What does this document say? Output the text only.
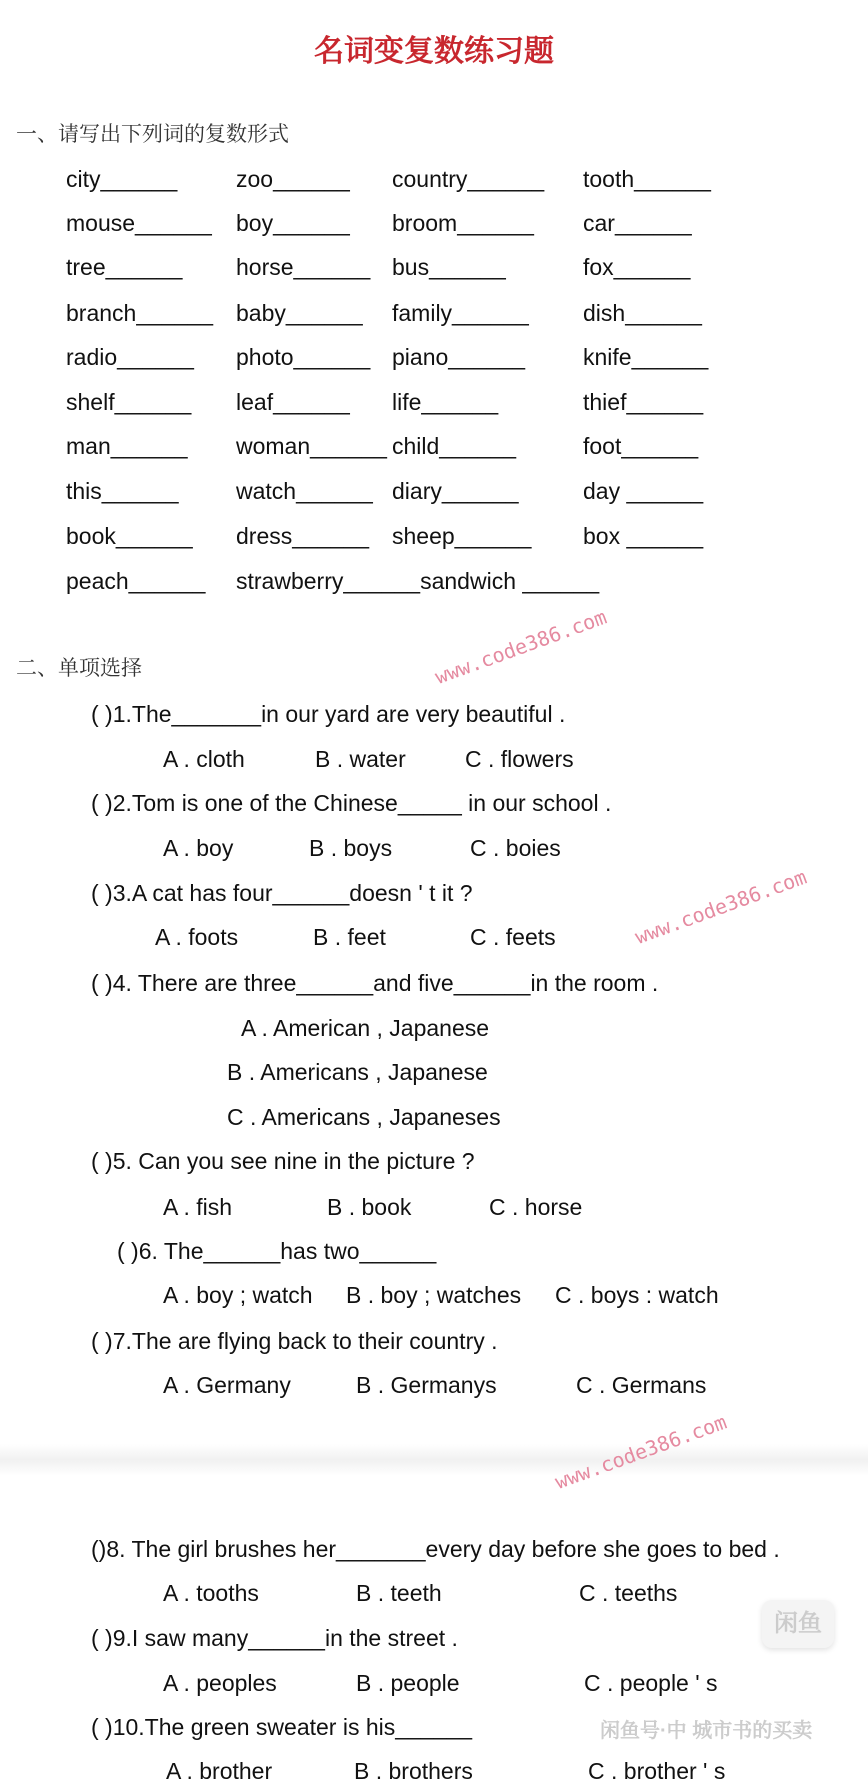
名词变复数练习题
一、请写出下列词的复数形式
city______	zoo______ country______ tooth______
mouse______ boy______ broom______ car______
tree______ horse______ bus______	fox______
branch______ baby______ family______ dish______
radio______ photo______ piano______	knife______
shelf______ leaf______ life______	thief______
man______ woman______ child______	foot______
this______ watch______ diary______	day ______
book______ dress______ sheep______ box ______
peach______ strawberry______sandwich ______
二、单项选择
( )1.The_______in our yard are very beautiful .
A . cloth	B . water	C . flowers
( )2.Tom is one of the Chinese_____ in our school .
A . boy	B . boys	C . boies
( )3.A cat has four______doesn ' t it ?
A . foots	B . feet	C . feets
( )4. There are three______and five______in the room .
A . American , Japanese
B . Americans , Japanese
C . Americans , Japaneses
( )5. Can you see nine in the picture ?
A . fish	B . book	C . horse
( )6. The______has two______
A . boy ; watch B . boy ; watches C . boys : watch
( )7.The are flying back to their country .
A . Germany	B . Germanys	C . Germans
()8. The girl brushes her_______every day before she goes to bed .
A . tooths	B . teeth	C . teeths
( )9.I saw many______in the street .
A . peoples	B . people	C . people ' s
( )10.The green sweater is his______
A . brother	B . brothers	C . brother ' s
www.code386.com
www.code386.com
www.code386.com
闲鱼
闲鱼号·中 城市书的买卖
